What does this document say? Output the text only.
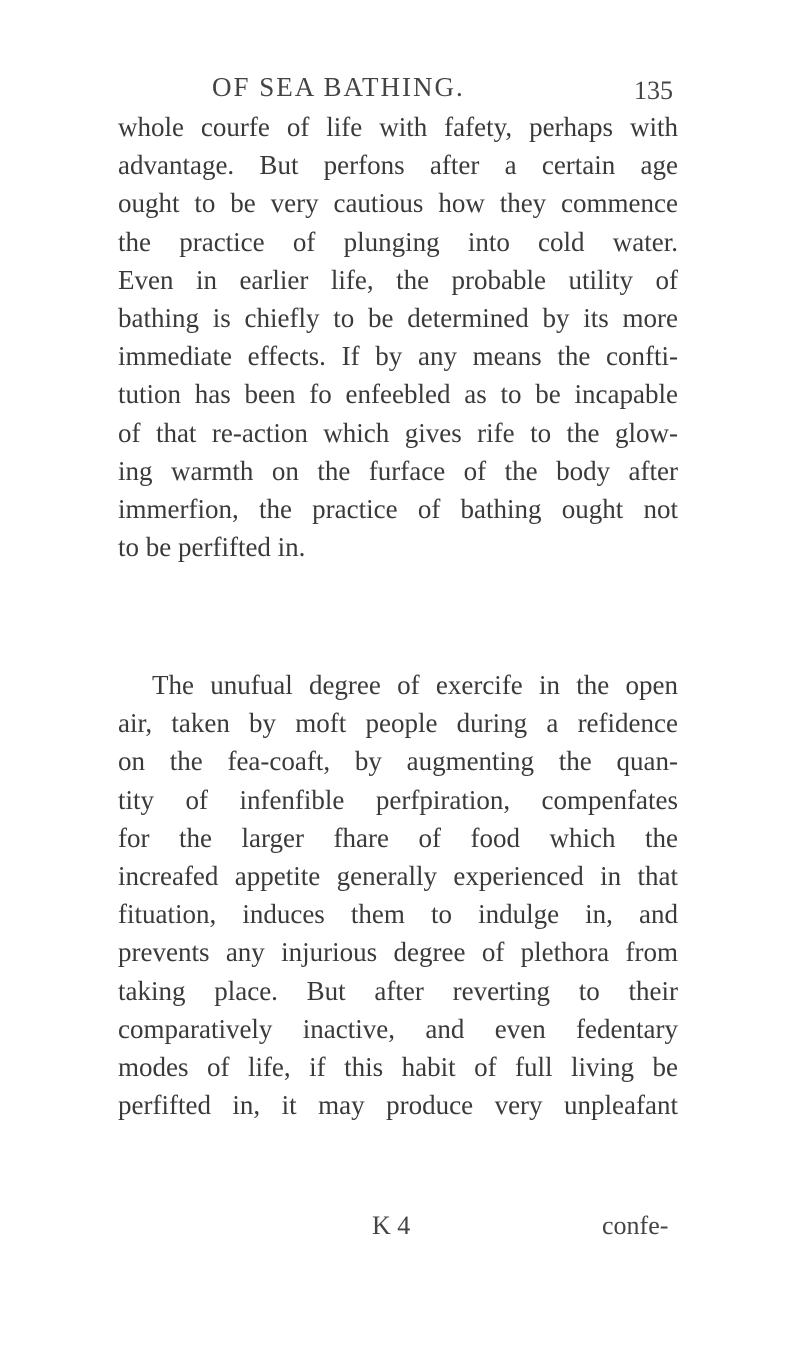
OF SEA BATHING.	135
whole courfe of life with fafety, perhaps with
advantage. But perfons after a certain age
ought to be very cautious how they commence
the practice of plunging into cold water.
Even in earlier life, the probable utility of
bathing is chiefly to be determined by its more
immediate effects. If by any means the confti-
tution has been fo enfeebled as to be incapable
of that re-action which gives rife to the glow-
ing warmth on the furface of the body after
immerfion, the practice of bathing ought not
to be perfifted in.
The unufual degree of exercife in the open
air, taken by moft people during a refidence
on the fea-coaft, by augmenting the quan-
tity of infenfible perfpiration, compenfates
for the larger fhare of food which the
increafed appetite generally experienced in that
fituation, induces them to indulge in, and
prevents any injurious degree of plethora from
taking place. But after reverting to their
comparatively inactive, and even fedentary
modes of life, if this habit of full living be
perfifted in, it may produce very unpleafant
K 4	confe-
